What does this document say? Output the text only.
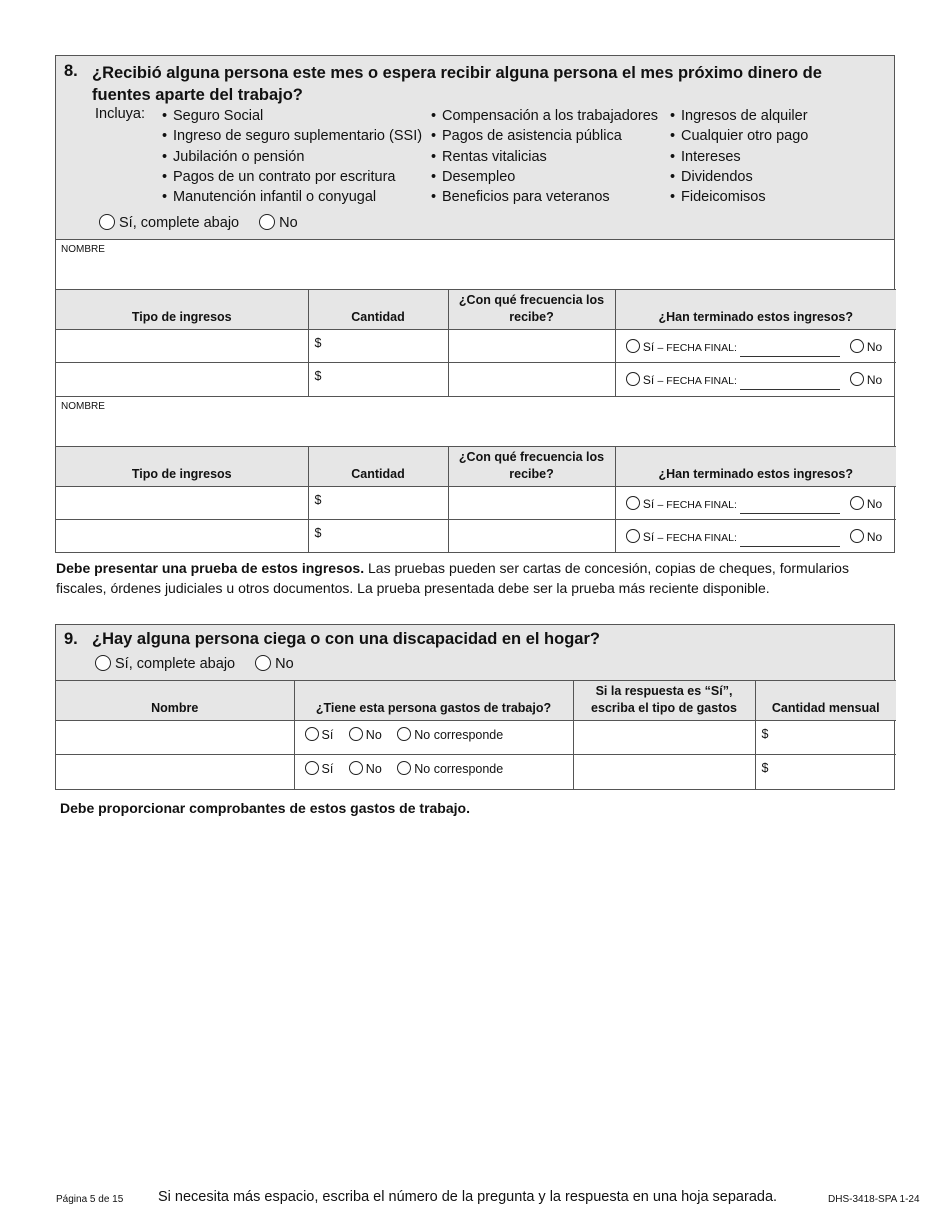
8. ¿Recibió alguna persona este mes o espera recibir alguna persona el mes próximo dinero de fuentes aparte del trabajo?
Incluya: • Seguro Social
• Ingreso de seguro suplementario (SSI)
• Jubilación o pensión
• Pagos de un contrato por escritura
• Manutención infantil o conyugal
• Compensación a los trabajadores
• Pagos de asistencia pública
• Rentas vitalicias
• Desempleo
• Beneficios para veteranos
• Ingresos de alquiler
• Cualquier otro pago
• Intereses
• Dividendos
• Fideicomisos
Sí, complete abajo	No
NOMBRE
Tipo de ingresos	Cantidad	¿Con qué frecuencia los recibe?	¿Han terminado estos ingresos?
	$		Sí – FECHA FINAL: No

	$		Sí – FECHA FINAL: No
NOMBRE
Tipo de ingresos	Cantidad	¿Con qué frecuencia los recibe?	¿Han terminado estos ingresos?
	$		Sí – FECHA FINAL: No

	$		Sí – FECHA FINAL: No

Debe presentar una prueba de estos ingresos. Las pruebas pueden ser cartas de concesión, copias de cheques, formularios fiscales, órdenes judiciales u otros documentos. La prueba presentada debe ser la prueba más reciente disponible.

9. ¿Hay alguna persona ciega o con una discapacidad en el hogar?
Sí, complete abajo	No
Nombre	¿Tiene esta persona gastos de trabajo?	Si la respuesta es “Sí”, escriba el tipo de gastos	Cantidad mensual
	Sí No No corresponde		$
	Sí No No corresponde		$

Debe proporcionar comprobantes de estos gastos de trabajo.

Página 5 de 15 Si necesita más espacio, escriba el número de la pregunta y la respuesta en una hoja separada.	DHS-3418-SPA 1-24
